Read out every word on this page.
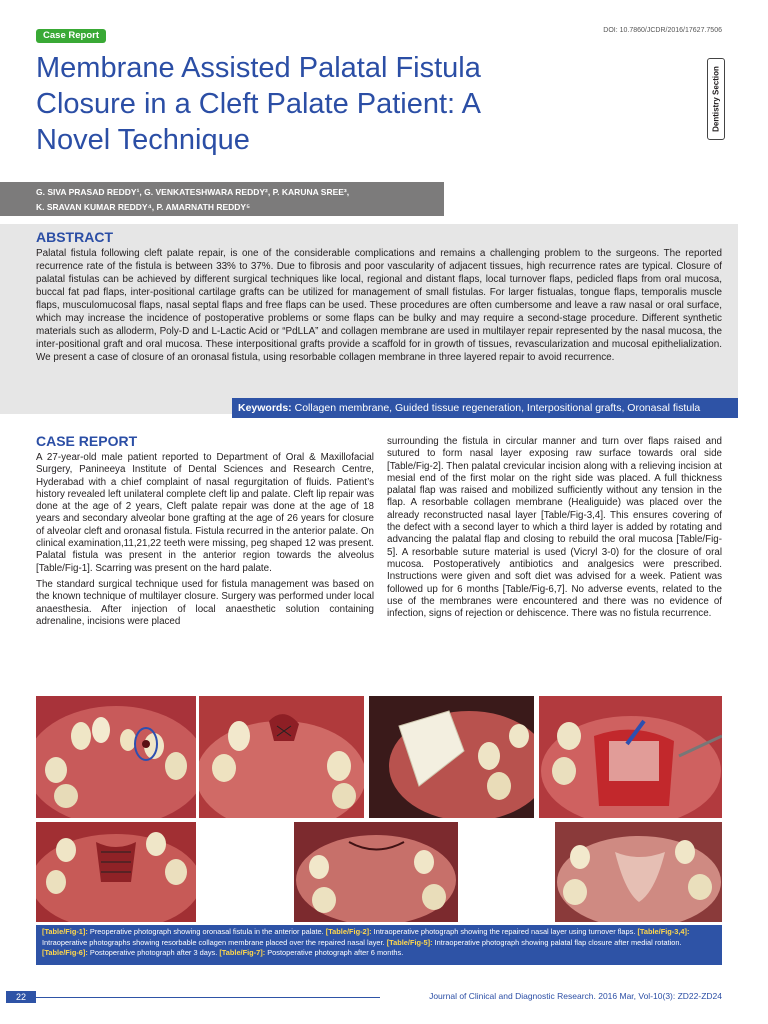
Case Report	DOI: 10.7860/JCDR/2016/17627.7506
Membrane Assisted Palatal Fistula Closure in a Cleft Palate Patient: A Novel Technique
Dentistry Section
G. SIVA PRASAD REDDY¹, G. VENKATESHWARA REDDY², P. KARUNA SREE³,
K. SRAVAN KUMAR REDDY⁴, P. AMARNATH REDDY⁵
ABSTRACT
Palatal fistula following cleft palate repair, is one of the considerable complications and remains a challenging problem to the surgeons. The reported recurrence rate of the fistula is between 33% to 37%. Due to fibrosis and poor vascularity of adjacent tissues, high recurrence rates are typical. Closure of palatal fistulas can be achieved by different surgical techniques like local, regional and distant flaps, local turnover flaps, pedicled flaps from oral mucosa, buccal fat pad flaps, inter-positional cartilage grafts can be utilized for management of small fistulas. For larger fistualas, tongue flaps, temporalis muscle flaps, musculomucosal flaps, nasal septal flaps and free flaps can be used. These procedures are often cumbersome and leave a raw nasal or oral surface, which may increase the incidence of postoperative problems or some flaps can be bulky and may require a second-stage procedure. Different synthetic materials such as alloderm, Poly-D and L-Lactic Acid or “PdLLA” and collagen membrane are used in multilayer repair represented by the nasal mucosa, the inter-positional graft and oral mucosa. These interpositional grafts provide a scaffold for in growth of tissues, revascularization and mucosal epithelialization. We present a case of closure of an oronasal fistula, using resorbable collagen membrane in three layered repair to avoid recurrence.
Keywords: Collagen membrane, Guided tissue regeneration, Interpositional grafts, Oronasal fistula
CASE REPORT

A 27-year-old male patient reported to Department of Oral & Maxillofacial Surgery, Panineeya Institute of Dental Sciences and Research Centre, Hyderabad with a chief complaint of nasal regurgitation of fluids. Patient’s history revealed left unilateral complete cleft lip and palate. Cleft lip repair was done at the age of 2 years, Cleft palate repair was done at the age of 18 years and secondary alveolar bone grafting at the age of 26 years for closure of alveolar cleft and oronasal fistula. Fistula recurred in the anterior palate. On clinical examination,11,21,22 teeth were missing, peg shaped 12 was present. Palatal fistula was present in the anterior region towards the alveolus [Table/Fig-1]. Scarring was present on the hard palate.

The standard surgical technique used for fistula management was based on the known technique of multilayer closure. Surgery was performed under local anaesthesia. After injection of local anaesthetic solution containing adrenaline, incisions were placed

surrounding the fistula in circular manner and turn over flaps raised and sutured to form nasal layer exposing raw surface towards oral side [Table/Fig-2]. Then palatal crevicular incision along with a relieving incision at mesial end of the first molar on the right side was placed. A full thickness palatal flap was raised and mobilized sufficiently without any tension in the flap. A resorbable collagen membrane (Healiguide) was placed over the already reconstructed nasal layer [Table/Fig-3,4]. This ensures covering of the defect with a second layer to which a third layer is added by rotating and advancing the palatal flap and closing to rebuild the oral mucosa [Table/Fig-5]. A resorbable suture material is used (Vicryl 3-0) for the closure of oral mucosa. Postoperatively antibiotics and analgesics were prescribed. Instructions were given and soft diet was advised for a week. Patient was followed up for 6 months [Table/Fig-6,7]. No adverse events, related to the use of the membranes were encountered and there was no evidence of infection, signs of rejection or dehiscence. There was no fistula recurrence.

[Table/Fig-1]: Preoperative photograph showing oronasal fistula in the anterior palate. [Table/Fig-2]: Intraoperative photograph showing the repaired nasal layer using turnover flaps. [Table/Fig-3,4]: Intraoperative photographs showing resorbable collagen membrane placed over the repaired nasal layer. [Table/Fig-5]: Intraoperative photograph showing palatal flap closure after medial rotation. [Table/Fig-6]: Postoperative photograph after 3 days. [Table/Fig-7]: Postoperative photograph after 6 months.
22	Journal of Clinical and Diagnostic Research. 2016 Mar, Vol-10(3): ZD22-ZD24
